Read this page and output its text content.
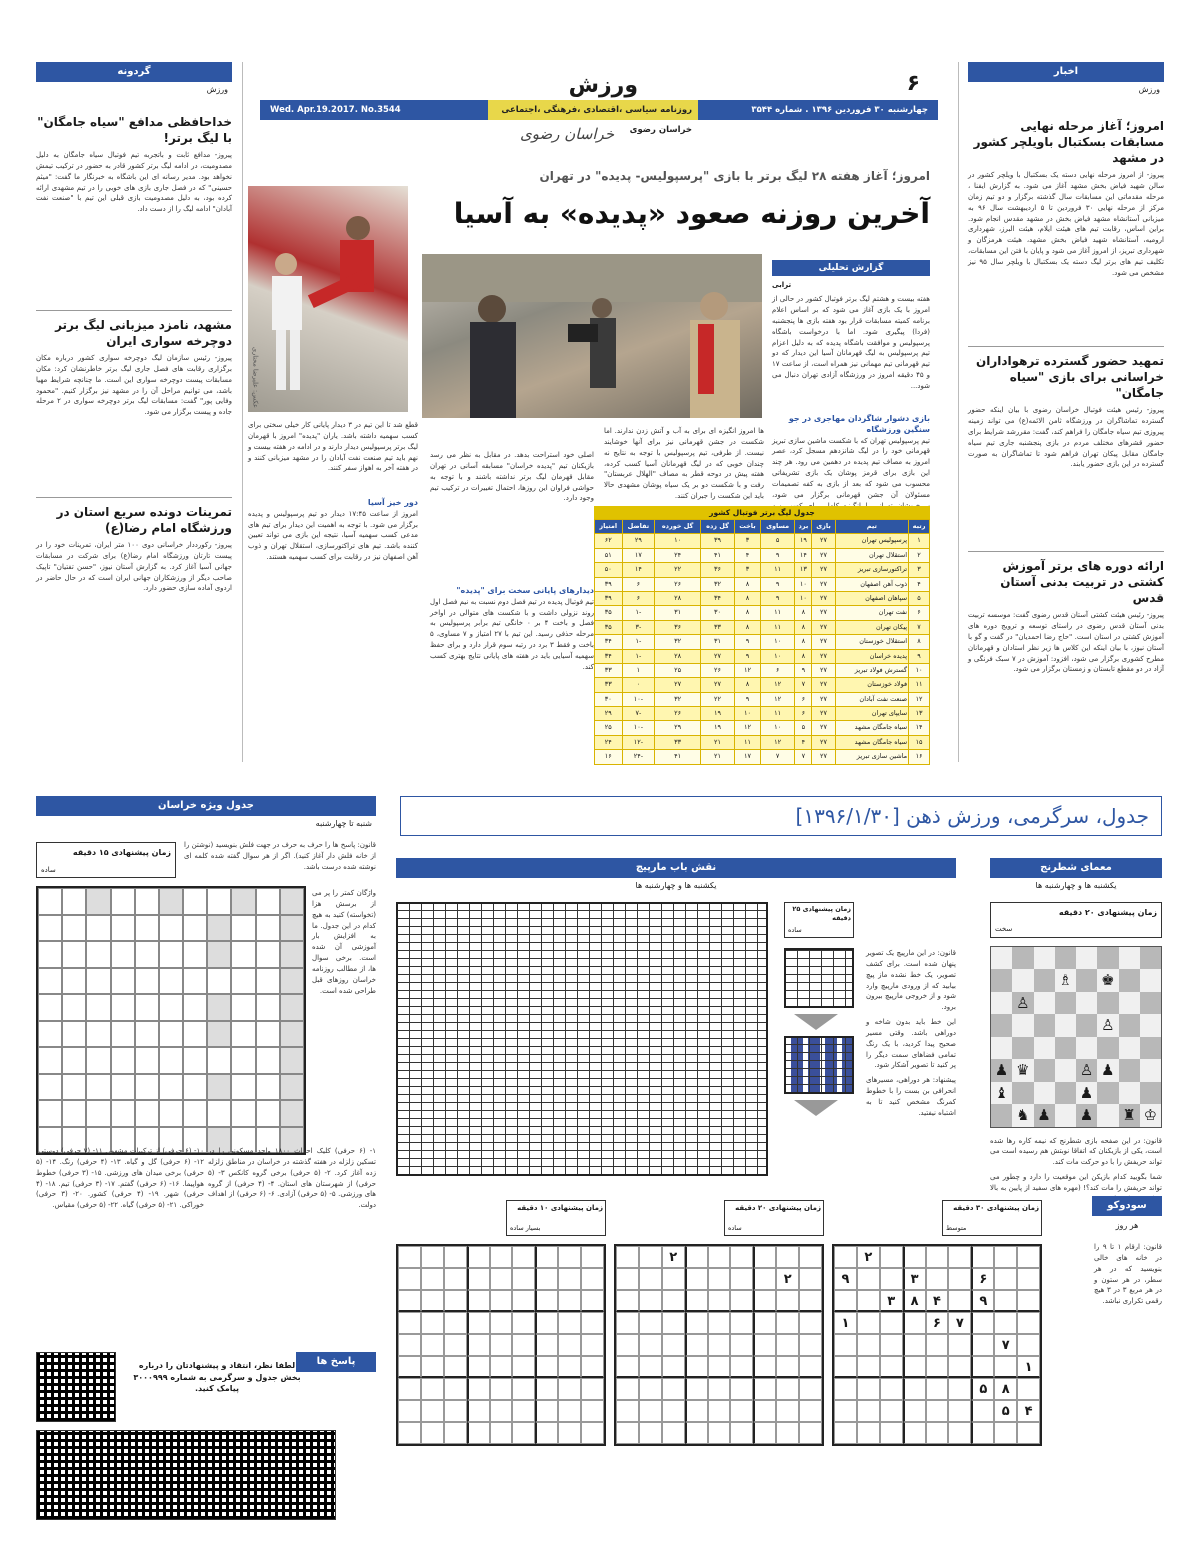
۶
ورزش
چهارشنبه ۳۰ فروردین ۱۳۹۶ . شماره ۳۵۴۴
روزنامه سیاسی ،اقتصادی ،فرهنگی ،اجتماعی خراسان رضوی
Wed. Apr.19.2017. No.3544
خراسان رضوی
اخبار
ورزش
امروز؛ آغاز مرحله نهایی مسابقات بسکتبال باویلچر کشور در مشهد
پیروز- از امروز مرحله نهایی دسته یک بسکتبال با ویلچر کشور در سالن شهید فیاض بخش مشهد آغاز می شود. به گزارش ایفنا ، مرحله مقدماتی این مسابقات سال گذشته برگزار و دو تیم زمان مرکز از مرحله نهایی ۳۰ فروردین تا ۵ اردیبهشت سال ۹۶ به میزبانی آستانشاه مشهد فیاض بخش در مشهد مقدس انجام شود. براین اساس، رقابت تیم های هیئت ایلام، هیئت البرز، شهرداری ارومیه، آستانشاه شهید فیاض بخش مشهد، هیئت هرمزگان و شهرداری تبریز، از امروز آغاز می شود و پایان با فتن این مسابقات، تکلیف تیم های برتر لیگ دسته یک بسکتبال با ویلچر سال ۹۵ نیز مشخص می شود.
تمهید حضور گسترده ترهواداران خراسانی برای بازی "سیاه جامگان"
پیروز- رئیس هیئت فوتبال خراسان رضوی با بیان اینکه حضور گسترده تماشاگران در ورزشگاه ثامن الائمه(ع) می تواند زمینه پیروزی تیم سیاه جامگان را فراهم کند، گفت: مقررشد شرایط برای حضور قشرهای مختلف مردم در بازی پنجشنبه جاری تیم سیاه جامگان مقابل پیکان تهران فراهم شود تا تماشاگران به صورت گسترده در این بازی حضور یابند.
ارائه دوره های برتر آموزش کشتی در تربیت بدنی آستان قدس
پیروز- رئیس هیئت کشتی آستان قدس رضوی گفت: موسسه تربیت بدنی آستان قدس رضوی در راستای توسعه و ترویج دوره های آموزش کشتی در استان است. "حاج رضا احمدیان" در گفت و گو با آستان نیوز، با بیان اینکه این کلاس ها زیر نظر استادان و قهرمانان مطرح کشوری برگزار می شود، افزود: آموزش در ۷ سبک فرنگی و آزاد در دو مقطع تابستان و زمستان برگزار می شود.
گردونه
ورزش
خداحافظی مدافع "سیاه جامگان" با لیگ برتر!
پیروز- مدافع ثابت و باتجربه تیم فوتبال سیاه جامگان به دلیل مصدومیت، در ادامه لیگ برتر کشور قادر به حضور در ترکیب تیمش نخواهد بود. مدیر رسانه ای این باشگاه به خبرنگار ما گفت: "میثم حسینی" که در فصل جاری بازی های خوبی را در تیم مشهدی ارائه کرده بود، به دلیل مصدومیت بازی قبلی این تیم با "صنعت نفت آبادان" ادامه لیگ را از دست داد.
مشهد، نامزد میزبانی لیگ برتر دوچرخه سواری ایران
پیروز- رئیس سازمان لیگ دوچرخه سواری کشور درباره مکان برگزاری رقابت های فصل جاری لیگ برتر خاطرنشان کرد: مکان مسابقات پیست دوچرخه سواری این است. ما چنانچه شرایط مهیا باشد، می توانیم مراحل آن را در مشهد نیز برگزار کنیم. "محمود وفایی پور" گفت: مسابقات لیگ برتر دوچرخه سواری در ۲ مرحله جاده و پیست برگزار می شود.
تمرینات دونده سریع استان در ورزشگاه امام رضا(ع)
پیروز- رکورددار خراسانی دوی ۱۰۰ متر ایران، تمرینات خود را در پیست تارتان ورزشگاه امام رضا(ع) برای شرکت در مسابقات جهانی آسیا آغاز کرد. به گزارش آستان نیوز، "حسن تفتیان" تاپیک صاحب دیگر از ورزشکاران جهانی ایران است که در حال حاضر در اردوی آماده سازی حضور دارد.
امروز؛ آغاز هفته ۲۸ لیگ برتر با بازی "پرسپولیس- پدیده" در تهران
آخرین روزنه صعود «پدیده» به آسیا
گزارش تحلیلی
ترابی
هفته بیست و هشتم لیگ برتر فوتبال کشور در حالی از امروز با یک بازی آغاز می شود که بر اساس اعلام برنامه کمیته مسابقات قرار بود هفته بازی ها پنجشنبه (فردا) پیگیری شود. اما با درخواست باشگاه پرسپولیس و موافقت باشگاه پدیده که به دلیل اعزام تیم پرسپولیس به لیگ قهرمانان آسیا این دیدار که دو تیم قهرمانی تیم مهمانی نیز همراه است، از ساعت ۱۷ و ۴۵ دقیقه امروز در ورزشگاه آزادی تهران دنبال می شود...
عکس: علیرضا مختاری
بازی دشوار شاگردان مهاجری در جو سنگین ورزشگاه
تیم پرسپولیس تهران که با شکست ماشین سازی تبریز قهرمانی خود را در لیگ شانزدهم مسجل کرد، عصر امروز به مصاف تیم پدیده در دهمین می رود. هر چند این بازی برای قرمز پوشان یک بازی تشریفاتی محسوب می شود که بعد از بازی به کفه تصمیمات مسئولان آن جشن قهرمانی برگزار می شود،
ها امروز انگیزه ای برای به آب و آتش زدن ندارند. اما شکست در جشن قهرمانی نیز برای آنها خوشایند نیست. از طرفی، تیم پرسپولیس با توجه به نتایج نه چندان خوبی که در لیگ قهرمانان آسیا کسب کرده، هفته پیش در دوحه قطر به مصاف "الهلال عربستان" رفت و با شکست دو بر یک سیاه پوشان مشهدی حالا باید این شکست را جبران کنند.
جدول لیگ برتر فوتبال کشور
رتبه	تیم	بازی	برد	مساوی	باخت	گل زده	گل خورده	تفاضل	امتیاز
۱	پرسپولیس تهران	۲۷	۱۹	۵	۳	۳۹	۱۰	۲۹	۶۲
۲	استقلال تهران	۲۷	۱۴	۹	۴	۴۱	۲۴	۱۷	۵۱
۳	تراکتورسازی تبریز	۲۷	۱۳	۱۱	۳	۳۶	۲۲	۱۴	۵۰
۴	ذوب آهن اصفهان	۲۷	۱۰	۹	۸	۳۲	۲۶	۶	۳۹
۵	سپاهان اصفهان	۲۷	۱۰	۹	۸	۳۴	۲۸	۶	۳۹
۶	نفت تهران	۲۷	۸	۱۱	۸	۳۰	۳۱	-۱	۳۵
۷	پیکان تهران	۲۷	۸	۱۱	۸	۳۳	۳۶	-۳	۳۵
۸	استقلال خوزستان	۲۷	۸	۱۰	۹	۳۱	۳۲	-۱	۳۴
۹	پدیده خراسان	۲۷	۸	۱۰	۹	۲۷	۲۸	-۱	۳۴
۱۰	گسترش فولاد تبریز	۲۷	۹	۶	۱۲	۲۶	۲۵	۱	۳۳
۱۱	فولاد خوزستان	۲۷	۷	۱۲	۸	۲۷	۲۷	۰	۳۳
۱۲	صنعت نفت آبادان	۲۷	۶	۱۲	۹	۲۲	۳۲	-۱۰	۳۰
۱۳	سایپای تهران	۲۷	۶	۱۱	۱۰	۱۹	۲۶	-۷	۲۹
۱۴	سیاه جامگان مشهد	۲۷	۵	۱۰	۱۲	۱۹	۲۹	-۱۰	۲۵
۱۵	سیاه جامگان مشهد	۲۷	۴	۱۲	۱۱	۲۱	۳۳	-۱۲	۲۴
۱۶	ماشین سازی تبریز	۲۷	۷	۷	۱۷	۲۱	۴۱	-۲۴	۱۶
اصلی خود استراحت بدهد. در مقابل به نظر می رسد بازیکنان تیم "پدیده خراسان" مسابقه آسانی در تهران مقابل قهرمان لیگ برتر نداشته باشند و با توجه به حواشی فراوان این روزها، احتمال تغییرات در ترکیب تیم وجود دارد.
دیدارهای پایانی سخت برای "پدیده"
تیم فوتبال پدیده در تیم فصل دوم نسبت به نیم فصل اول روند نزولی داشت و با شکست های متوالی در اواخر فصل و باخت ۴ بر ۰ خانگی تیم برابر پرسپولیس به مرحله حذفی رسید. این تیم با ۲۷ امتیاز و ۷ مساوی، ۵ باخت و فقط ۳ برد در رتبه سوم قرار دارد و برای حفظ سهمیه آسیایی باید در هفته های پایانی نتایج بهتری کسب کند.
قطع شد تا این تیم در ۳ دیدار پایانی کار خیلی سختی برای کسب سهمیه داشته باشد. یاران "پدیده" امروز با قهرمان لیگ برتر پرسپولیس دیدار دارند و در ادامه در هفته بیست و نهم باید تیم صنعت نفت آبادان را در مشهد میزبانی کنند و در هفته آخر به اهواز سفر کنند.
دور خیز آسیا
امروز از ساعت ۱۷:۴۵ دیدار دو تیم پرسپولیس و پدیده برگزار می شود. با توجه به اهمیت این دیدار برای تیم های مدعی کسب سهمیه آسیا، نتیجه این بازی می تواند تعیین کننده باشد. تیم های تراکتورسازی، استقلال تهران و ذوب آهن اصفهان نیز در رقابت برای کسب سهمیه هستند.
جدول، سرگرمی، ورزش ذهن [۱۳۹۶/۱/۳۰]
جدول ویژه خراسان
شنبه تا چهارشنبه
زمان پیشنهادی ۱۵ دقیقه
ساده
قانون: پاسخ ها را حرف به حرف در جهت فلش بنویسید (نوشتن را از خانه فلش دار آغاز کنید). اگر از هر سوال گفته شده کلمه ای نوشته شده درست باشد.
واژگان کمتر را پر می از برسش هزا (تخواسته) کنید به هیچ کدام در این جدول. ما به افزایش بار آموزشی آن شده است. برخی سوال ها، از مطالب روزنامه خراسان روزهای قبل طراحی شده است.
۱- (۶ حرفی) کلیک احداث ۱۸۰۰ واحد مسکونی را در تسکین زلزله در هفته گذشته در خراسان در مناطق زلزله زده آغاز کرد. ۲- (۵ حرفی) برخی گروه کانکس ۳- (۵ حرفی) از شهرستان های استان. ۴- (۴ حرفی) از گروه های ورزشی. ۵- (۵ حرفی) آزادی. ۶- (۶ حرفی) از اهداف دولت.
۱۰- (۶ حرفی) از ترکیبات مشهور. ۱۱- (۷ حرفی) دوستی. ۱۲- (۶ حرفی) گل و گیاه. ۱۳- (۴ حرفی) رنگ. ۱۴- (۵ حرفی) برخی میدان های ورزشی. ۱۵- (۳ حرفی) خطوط هواپیما. ۱۶- (۶ حرفی) گفتم. ۱۷- (۳ حرفی) تیم. ۱۸- (۴ حرفی) شهر. ۱۹- (۴ حرفی) کشور. ۲۰- (۳ حرفی) خوراکی. ۲۱- (۵ حرفی) گیاه. ۲۲- (۵ حرفی) مقیاس.
پاسخ ها
لطفا نظر، انتقاد و پیشنهادتان را درباره بخش جدول و سرگرمی به شماره ۳۰۰۰۹۹۹ پیامک کنید.
نقش باب مارپیچ
یکشنبه ها و چهارشنبه ها
زمان پیشنهادی ۲۵ دقیقه
ساده
قانون: در این مارپیچ یک تصویر پنهان شده است. برای کشف تصویر، یک خط نشده ماز پیچ بیابید که از ورودی مارپیچ وارد شود و از خروجی مارپیچ بیرون برود.
این خط باید بدون شاخه و دوراهی باشد. وقتی مسیر صحیح پیدا کردید، با یک رنگ تمامی فضاهای سمت دیگر را پر کنید تا تصویر آشکار شود.
پیشنهاد: هر دوراهی، مسیرهای انحرافی بن بست را با خطوط کمرنگ مشخص کنید تا به اشتباه نیفتید.
معمای شطرنج
یکشنبه ها و چهارشنبه ها
زمان پیشنهادی ۲۰ دقیقه
سخت
♗ ♚
♙
♙
♟ ♛	♙ ♟
♝	♟
♞ ♟ ♟ ♜ ♔
قانون: در این صفحه بازی شطرنج که نیمه کاره رها شده است، یکی از بازیکنان که اتفاقا نوبتش هم رسیده است می تواند حریفش را با دو حرکت مات کند.
شما بگویید کدام بازیکن این موقعیت را دارد و چطور می تواند حریفش را مات کند؟! (مهره های سفید از پایین به بالا
سودوکو
هر روز
قانون: ارقام ۱ تا ۹ را در خانه های خالی بنویسید که در هر سطر، در هر ستون و در هر مربع ۳ در ۳ هیچ رقمی تکراری نباشد.
زمان پیشنهادی ۳۰ دقیقه
متوسط
۲
۶
۳
۹
۹
۴
۸
۳
۷
۶
۱
۷
۱
۸
۵
۴
۵
زمان پیشنهادی ۲۰ دقیقه
ساده
۲
۲
زمان پیشنهادی ۱۰ دقیقه
بسیار ساده
